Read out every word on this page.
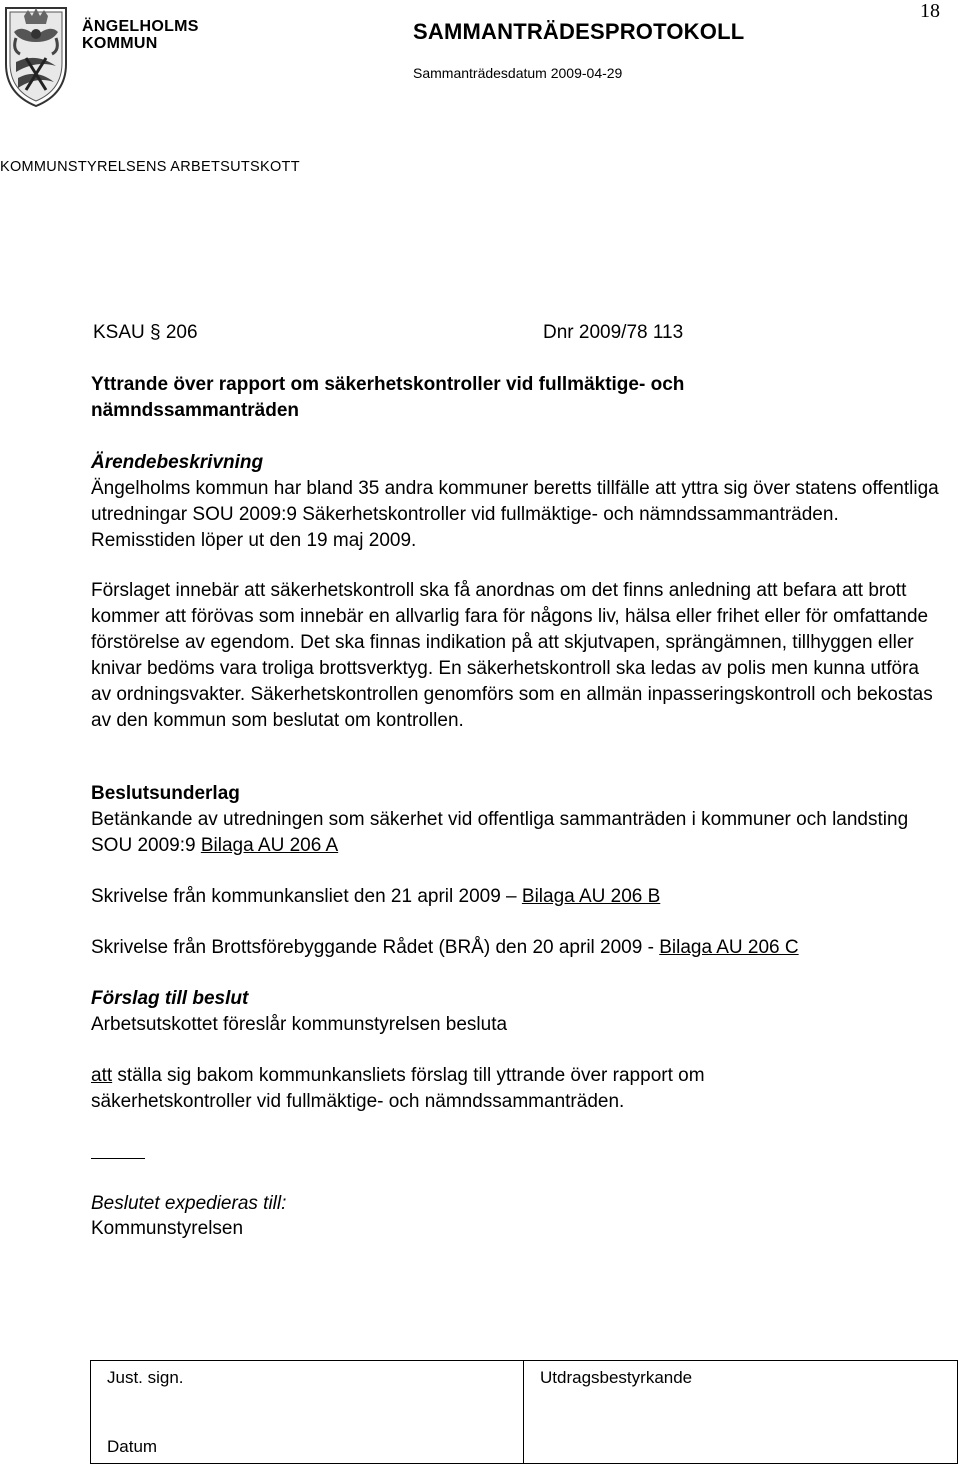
ÄNGELHOLMS
KOMMUN	SAMMANTRÄDESPROTOKOLL
Sammanträdesdatum 2009-04-29
18
KOMMUNSTYRELSENS ARBETSUTSKOTT
KSAU § 206	Dnr 2009/78 113
Yttrande över rapport om säkerhetskontroller vid fullmäktige- och
nämndssammanträden
Ärendebeskrivning
Ängelholms kommun har bland 35 andra kommuner beretts tillfälle att yttra sig över statens offentliga utredningar SOU 2009:9 Säkerhetskontroller vid fullmäktige- och nämndssammanträden. Remisstiden löper ut den 19 maj 2009.
Förslaget innebär att säkerhetskontroll ska få anordnas om det finns anledning att befara att brott kommer att förövas som innebär en allvarlig fara för någons liv, hälsa eller frihet eller för omfattande förstörelse av egendom. Det ska finnas indikation på att skjutvapen, sprängämnen, tillhyggen eller knivar bedöms vara troliga brottsverktyg. En säkerhetskontroll ska ledas av polis men kunna utföra av ordningsvakter. Säkerhetskontrollen genomförs som en allmän inpasseringskontroll och bekostas av den kommun som beslutat om kontrollen.
Beslutsunderlag
Betänkande av utredningen som säkerhet vid offentliga sammanträden i kommuner och landsting SOU 2009:9 Bilaga AU 206 A
Skrivelse från kommunkansliet den 21 april 2009 – Bilaga AU 206 B
Skrivelse från Brottsförebyggande Rådet (BRÅ) den 20 april 2009 - Bilaga AU 206 C
Förslag till beslut
Arbetsutskottet föreslår kommunstyrelsen besluta
att ställa sig bakom kommunkansliets förslag till yttrande över rapport om säkerhetskontroller vid fullmäktige- och nämndssammanträden.
Beslutet expedieras till:
Kommunstyrelsen
Just. sign.
Datum

Utdragsbestyrkande
